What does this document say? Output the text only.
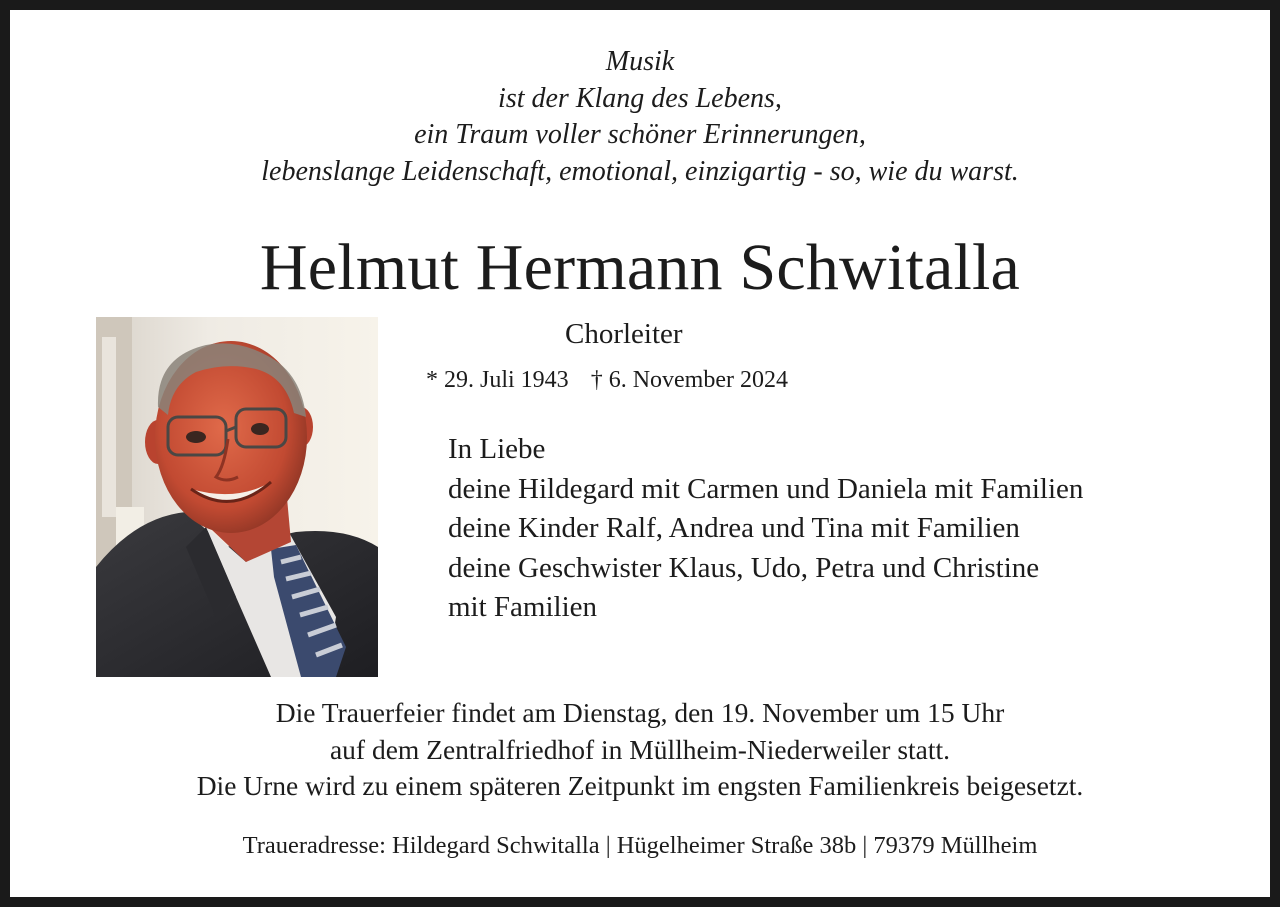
Musik
ist der Klang des Lebens,
ein Traum voller schöner Erinnerungen,
lebenslange Leidenschaft, emotional, einzigartig - so, wie du warst.
Helmut Hermann Schwitalla
Chorleiter
* 29. Juli 1943 † 6. November 2024
In Liebe
deine Hildegard mit Carmen und Daniela mit Familien
deine Kinder Ralf, Andrea und Tina mit Familien
deine Geschwister Klaus, Udo, Petra und Christine
mit Familien
Die Trauerfeier findet am Dienstag, den 19. November um 15 Uhr
auf dem Zentralfriedhof in Müllheim-Niederweiler statt.
Die Urne wird zu einem späteren Zeitpunkt im engsten Familienkreis beigesetzt.
Traueradresse: Hildegard Schwitalla | Hügelheimer Straße 38b | 79379 Müllheim
